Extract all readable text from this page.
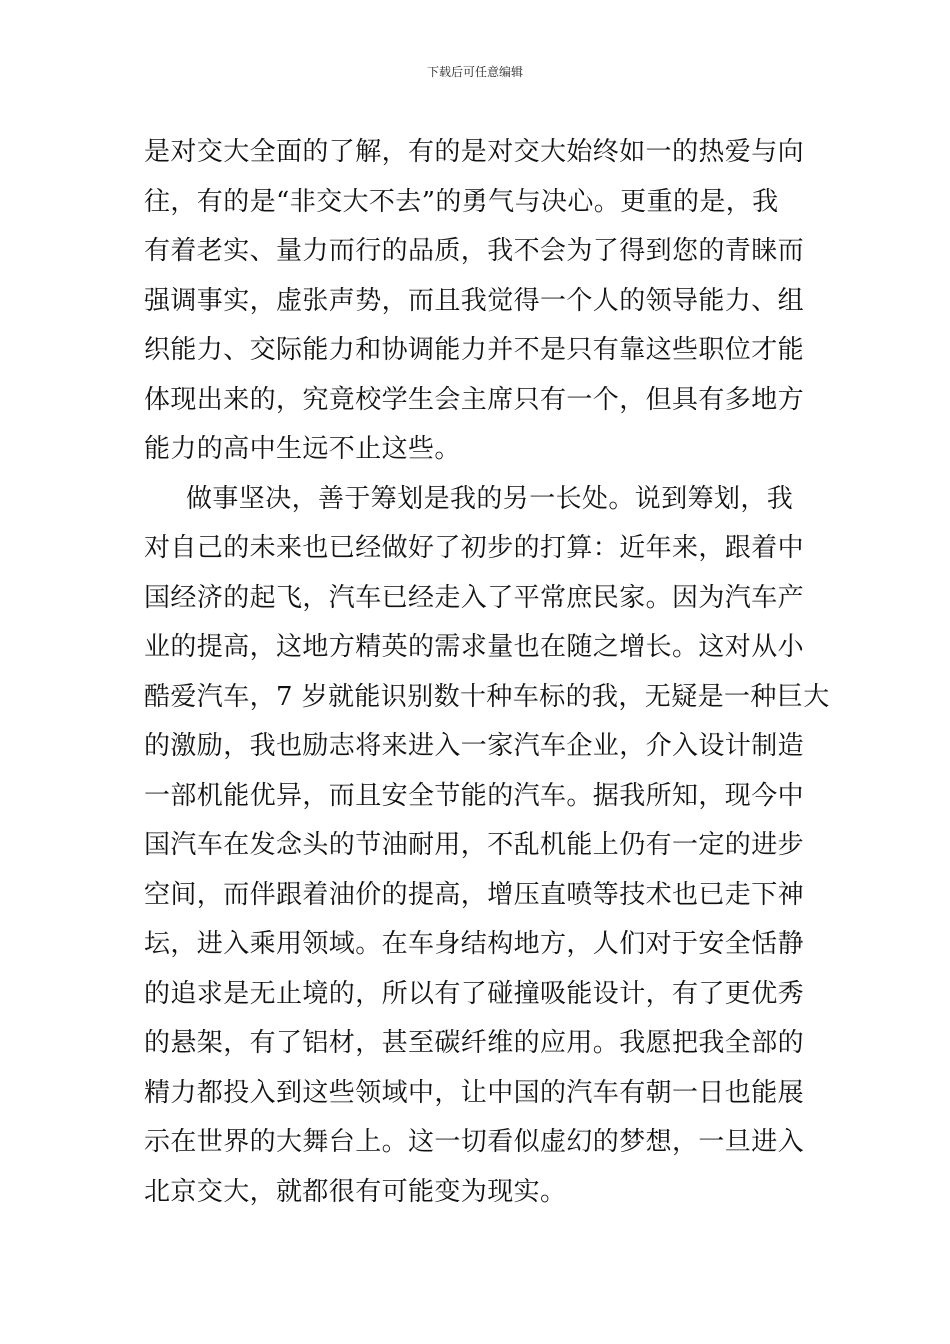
下载后可任意编辑
是对交大全面的了解，有的是对交大始终如一的热爱与向
往，有的是“非交大不去”的勇气与决心。更重的是，我
有着老实、量力而行的品质，我不会为了得到您的青睐而
强调事实，虚张声势，而且我觉得一个人的领导能力、组
织能力、交际能力和协调能力并不是只有靠这些职位才能
体现出来的，究竟校学生会主席只有一个，但具有多地方
能力的高中生远不止这些。
做事坚决，善于筹划是我的另一长处。说到筹划，我
对自己的未来也已经做好了初步的打算：近年来，跟着中
国经济的起飞，汽车已经走入了平常庶民家。因为汽车产
业的提高，这地方精英的需求量也在随之增长。这对从小
酷爱汽车，7 岁就能识别数十种车标的我，无疑是一种巨大
的激励，我也励志将来进入一家汽车企业，介入设计制造
一部机能优异，而且安全节能的汽车。据我所知，现今中
国汽车在发念头的节油耐用，不乱机能上仍有一定的进步
空间，而伴跟着油价的提高，增压直喷等技术也已走下神
坛，进入乘用领域。在车身结构地方，人们对于安全恬静
的追求是无止境的，所以有了碰撞吸能设计，有了更优秀
的悬架，有了铝材，甚至碳纤维的应用。我愿把我全部的
精力都投入到这些领域中，让中国的汽车有朝一日也能展
示在世界的大舞台上。这一切看似虚幻的梦想，一旦进入
北京交大，就都很有可能变为现实。
